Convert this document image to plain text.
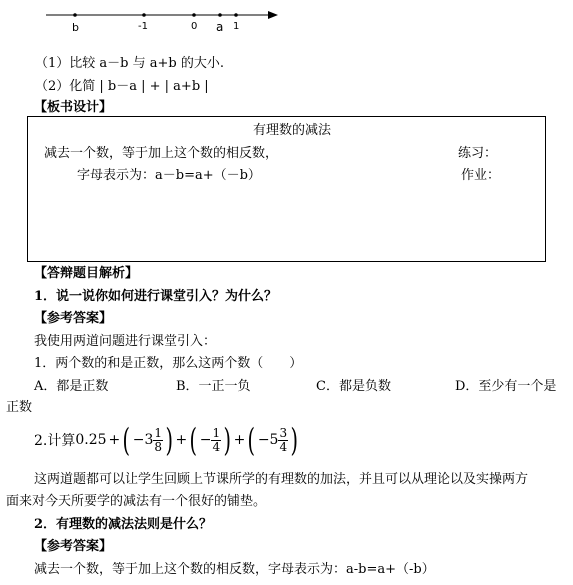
b	-1	0 a 1
（1）比较 a－b 与 a+b 的大小.
（2）化简 | b－a | + | a+b |
【板书设计】
有理数的减法
减去一个数，等于加上这个数的相反数，	练习：
字母表示为：a－b=a+（－b）	作业：
【答辩题目解析】
1．说一说你如何进行课堂引入？为什么？
【参考答案】
我使用两道问题进行课堂引入：
1．两个数的和是正数，那么这两个数（　　）
A．都是正数	B．一正一负	C．都是负数	D．至少有一个是
正数
2.计算 0.25 + ( $-3 \frac{1}{8}$ ) + ( − $\frac{1}{4}$ ) + ( $-5 \frac{3}{4}$ )
这两道题都可以让学生回顾上节课所学的有理数的加法，并且可以从理论以及实操两方
面来对今天所要学的减法有一个很好的铺垫。
2．有理数的减法法则是什么？
【参考答案】
减去一个数，等于加上这个数的相反数，字母表示为：a-b=a+（-b）
